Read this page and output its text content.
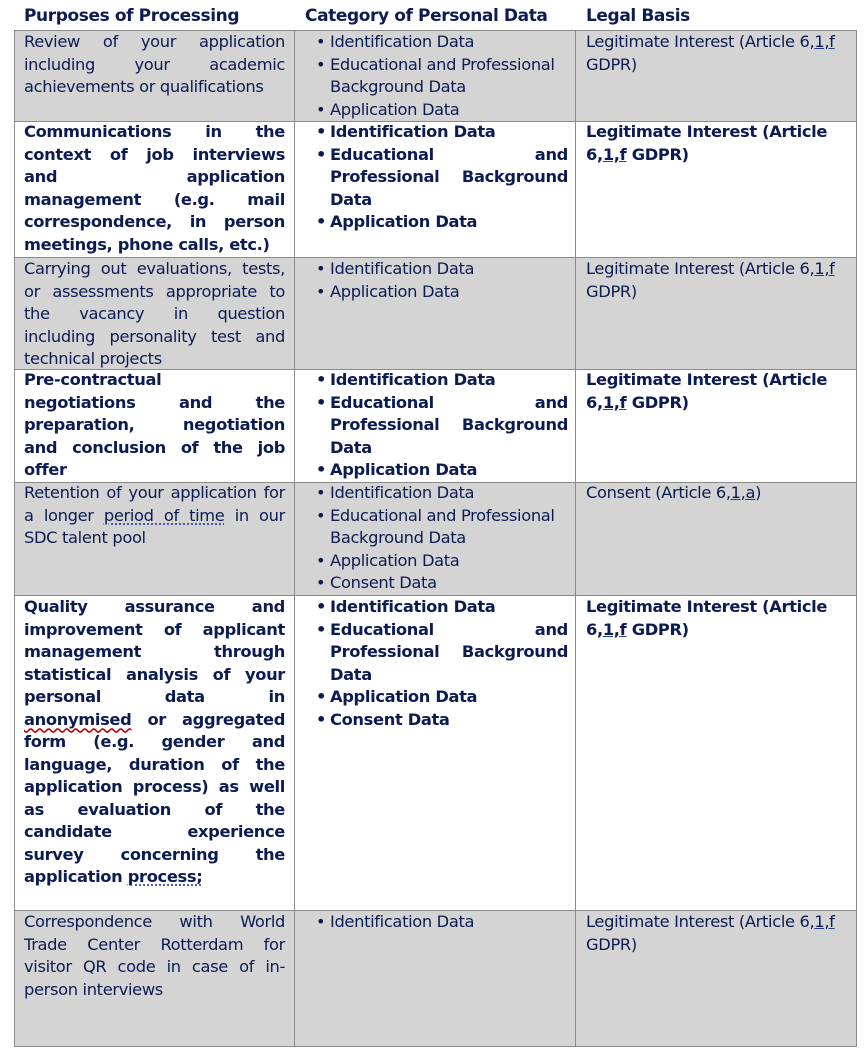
Purposes of Processing	Category of Personal Data Legal Basis
Review of your application
including your academic
achievements or qualifications
• Identification Data
• Educational and Professional
Background Data
• Application Data
Legitimate Interest (Article 6,1,f
GDPR)
Communications in the
context of job interviews
and application
management (e.g. mail
correspondence, in person
meetings, phone calls, etc.)
• Identification Data
• Educational and
Professional Background
Data
• Application Data
Legitimate Interest (Article
6,1,f GDPR)
Carrying out evaluations, tests,
or assessments appropriate to
the vacancy in question
including personality test and
technical projects
• Identification Data
• Application Data
Legitimate Interest (Article 6,1,f
GDPR)
Pre-contractual
negotiations and the
preparation, negotiation
and conclusion of the job
offer
• Identification Data
• Educational and
Professional Background
Data
• Application Data
Legitimate Interest (Article
6,1,f GDPR)
Retention of your application for
a longer period of time in our
SDC talent pool
• Identification Data
• Educational and Professional
Background Data
• Application Data
• Consent Data
Consent (Article 6,1,a)
Quality assurance and
improvement of applicant
management through
statistical analysis of your
personal data in
anonymised or aggregated
form (e.g. gender and
language, duration of the
application process) as well
as evaluation of the
candidate experience
survey concerning the
application process;
• Identification Data
• Educational and
Professional Background
Data
• Application Data
• Consent Data
Legitimate Interest (Article
6,1,f GDPR)
Correspondence with World
Trade Center Rotterdam for
visitor QR code in case of in-
person interviews
• Identification Data	Legitimate Interest (Article 6,1,f
GDPR)
